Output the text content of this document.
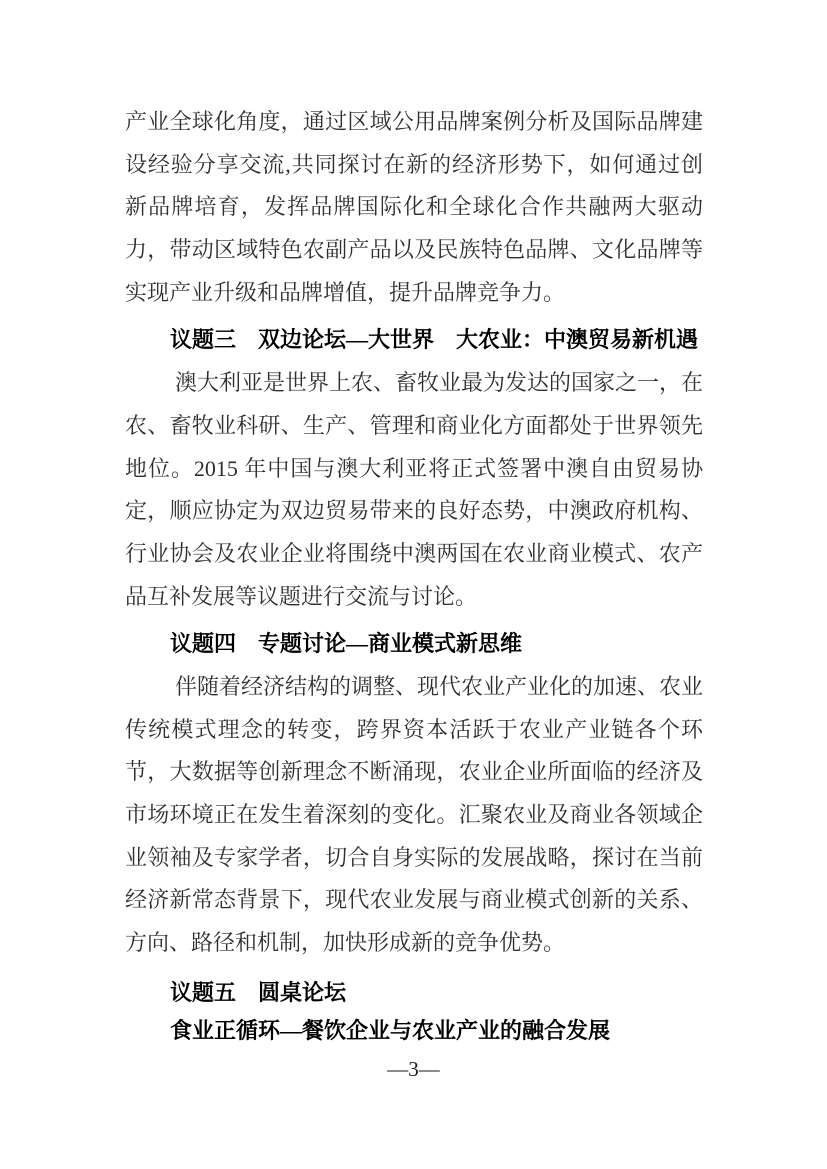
产业全球化角度，通过区域公用品牌案例分析及国际品牌建
设经验分享交流,共同探讨在新的经济形势下，如何通过创
新品牌培育，发挥品牌国际化和全球化合作共融两大驱动
力，带动区域特色农副产品以及民族特色品牌、文化品牌等
实现产业升级和品牌增值，提升品牌竞争力。
议题三　双边论坛—大世界　大农业：中澳贸易新机遇
澳大利亚是世界上农、畜牧业最为发达的国家之一，在
农、畜牧业科研、生产、管理和商业化方面都处于世界领先
地位。2015 年中国与澳大利亚将正式签署中澳自由贸易协
定，顺应协定为双边贸易带来的良好态势，中澳政府机构、
行业协会及农业企业将围绕中澳两国在农业商业模式、农产
品互补发展等议题进行交流与讨论。
议题四　专题讨论—商业模式新思维
伴随着经济结构的调整、现代农业产业化的加速、农业
传统模式理念的转变，跨界资本活跃于农业产业链各个环
节，大数据等创新理念不断涌现，农业企业所面临的经济及
市场环境正在发生着深刻的变化。汇聚农业及商业各领域企
业领袖及专家学者，切合自身实际的发展战略，探讨在当前
经济新常态背景下，现代农业发展与商业模式创新的关系、
方向、路径和机制，加快形成新的竞争优势。
议题五　圆桌论坛
食业正循环—餐饮企业与农业产业的融合发展
—3—
